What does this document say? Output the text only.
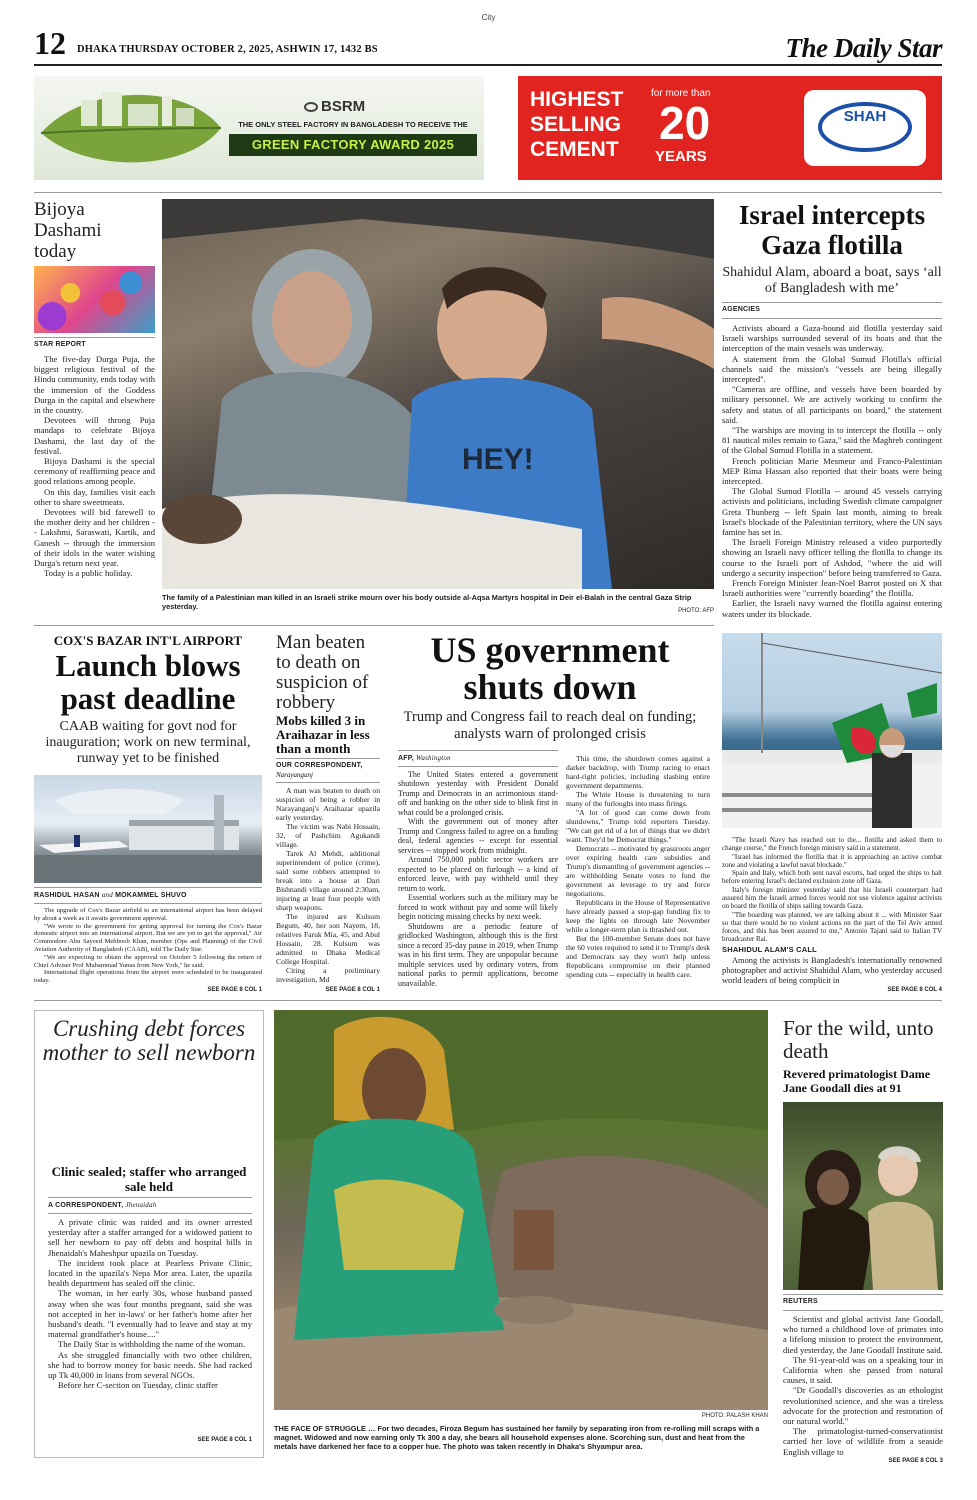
City
12 DHAKA THURSDAY OCTOBER 2, 2025, ASHWIN 17, 1432 BS	The Daily Star
BSRM
THE ONLY STEEL FACTORY IN BANGLADESH TO RECEIVE THE
GREEN FACTORY AWARD 2025
HIGHEST
SELLING
CEMENT
for more than
20
YEARS
SHAH
CEMENT
Bijoya Dashami today
STAR REPORT

The five-day Durga Puja, the biggest religious festival of the Hindu community, ends today with the immersion of the Goddess Durga in the capital and elsewhere in the country.

Devotees will throng Puja mandaps to celebrate Bijoya Dashami, the last day of the festival.

Bijoya Dashami is the special ceremony of reaffirming peace and good relations among people.

On this day, families visit each other to share sweetmeats.

Devotees will bid farewell to the mother deity and her children -- Lakshmi, Saraswati, Kartik, and Ganesh -- through the immersion of their idols in the water wishing Durga's return next year.

Today is a public holiday.

HEY!
The family of a Palestinian man killed in an Israeli strike mourn over his body outside al-Aqsa Martyrs hospital in Deir el-Balah in the central Gaza Strip yesterday.	PHOTO: AFP
Israel intercepts Gaza flotilla
Shahidul Alam, aboard a boat, says ‘all of Bangladesh with me’
AGENCIES

Activists aboard a Gaza-bound aid flotilla yesterday said Israeli warships surrounded several of its boats and that the interception of the main vessels was underway.

A statement from the Global Sumud Flotilla's official channels said the mission's "vessels are being illegally intercepted".

"Cameras are offline, and vessels have been boarded by military personnel. We are actively working to confirm the safety and status of all participants on board," the statement said.

"The warships are moving in to intercept the flotilla -- only 81 nautical miles remain to Gaza," said the Maghreb contingent of the Global Sumud Flotilla in a statement.

French politician Marie Mesmeur and Franco-Palestinian MEP Rima Hassan also reported that their boats were being intercepted.

The Global Sumud Flotilla -- around 45 vessels carrying activists and politicians, including Swedish climate campaigner Greta Thunberg -- left Spain last month, aiming to break Israel's blockade of the Palestinian territory, where the UN says famine has set in.

The Israeli Foreign Ministry released a video purportedly showing an Israeli navy officer telling the flotilla to change its course to the Israeli port of Ashdod, "where the aid will undergo a security inspection" before being transferred to Gaza.

French Foreign Minister Jean-Noel Barrot posted on X that Israeli authorities were "currently boarding" the flotilla.

Earlier, the Israeli navy warned the flotilla against entering waters under its blockade.

"The Israeli Navy has reached out to the... flotilla and asked them to change course," the French foreign ministry said in a statement.

"Israel has informed the flotilla that it is approaching an active combat zone and violating a lawful naval blockade."

Spain and Italy, which both sent naval escorts, had urged the ships to halt before entering Israel's declared exclusion zone off Gaza.

Italy's foreign minister yesterday said that his Israeli counterpart had assured him the Israeli armed forces would not use violence against activists on board the flotilla of ships sailing towards Gaza.

"The boarding was planned, we are talking about it ... with Minister Saar so that there would be no violent actions on the part of the Tel Aviv armed forces, and this has been assured to me," Antonio Tajani said to Italian TV broadcaster Rai.

SHAHIDUL ALAM'S CALL

Among the activists is Bangladesh's internationally renowned photographer and activist Shahidul Alam, who yesterday accused world leaders of being complicit in

SEE PAGE 8 COL 4
COX'S BAZAR INT'L AIRPORT
Launch blows past deadline
CAAB waiting for govt nod for inauguration; work on new terminal, runway yet to be finished
RASHIDUL HASAN and MOKAMMEL SHUVO

The upgrade of Cox's Bazar airfield to an international airport has been delayed by about a week as it awaits government approval.

"We wrote to the government for getting approval for turning the Cox's Bazar domestic airport into an international airport. But we are yet to get the approval," Air Commodore Abu Sayeed Mehboob Khan, member (Ops and Planning) of the Civil Aviation Authority of Bangladesh (CAAB), told The Daily Star.

"We are expecting to obtain the approval on October 5 following the return of Chief Adviser Prof Muhammad Yunus from New York," he said.

International flight operations from the airport were scheduled to be inaugurated today.

SEE PAGE 8 COL 1
Man beaten to death on suspicion of robbery
Mobs killed 3 in Araihazar in less than a month
OUR CORRESPONDENT,
Narayanganj

A man was beaten to death on suspicion of being a robber in Narayanganj's Araihazar upazila early yesterday.

The victim was Nabi Hossain, 32, of Pashchim Agukandi village.

Tarek Al Mehdi, additional superintendent of police (crime), said some robbers attempted to break into a house at Dari Bishnandi village around 2:30am, injuring at least four people with sharp weapons.

The injured are Kulsum Begum, 40, her son Nayem, 18, relatives Faruk Mia, 45, and Abul Hossain, 28. Kulsum was admitted to Dhaka Medical College Hospital.

Citing a preliminary investigation, Md

SEE PAGE 8 COL 1
US government shuts down
Trump and Congress fail to reach deal on funding; analysts warn of prolonged crisis
AFP, Washington

The United States entered a government shutdown yesterday with President Donald Trump and Democrats in an acrimonious stand-off and banking on the other side to blink first in what could be a prolonged crisis.

With the government out of money after Trump and Congress failed to agree on a funding deal, federal agencies -- except for essential services -- stopped work from midnight.

Around 750,000 public sector workers are expected to be placed on furlough -- a kind of enforced leave, with pay withheld until they return to work.

Essential workers such as the military may be forced to work without pay and some will likely begin noticing missing checks by next week.

Shutdowns are a periodic feature of gridlocked Washington, although this is the first since a record 35-day pause in 2019, when Trump was in his first term. They are unpopular because multiple services used by ordinary voters, from national parks to permit applications, become unavailable.

This time, the shutdown comes against a darker backdrop, with Trump racing to enact hard-right policies, including slashing entire government departments.

The White House is threatening to turn many of the furloughs into mass firings.

"A lot of good can come down from shutdowns," Trump told reporters Tuesday. "We can get rid of a lot of things that we didn't want. They'd be Democrat things."

Democrats -- motivated by grassroots anger over expiring health care subsidies and Trump's dismantling of government agencies -- are withholding Senate votes to fund the government as leverage to try and force negotiations.

Republicans in the House of Representative have already passed a stop-gap funding fix to keep the lights on through late November while a longer-term plan is thrashed out.

But the 100-member Senate does not have the 60 votes required to send it to Trump's desk and Democrats say they won't help unless Republicans compromise on their planned spending cuts -- especially in health care.

Crushing debt forces mother to sell newborn
Clinic sealed; staffer who arranged sale held
A CORRESPONDENT, Jhenaidah

A private clinic was raided and its owner arrested yesterday after a staffer arranged for a widowed patient to sell her newborn to pay off debts and hospital bills in Jhenaidah's Maheshpur upazila on Tuesday.

The incident took place at Pearless Private Clinic, located in the upazila's Nepa Mor area. Later, the upazila health department has sealed off the clinic.

The woman, in her early 30s, whose husband passed away when she was four months pregnant, said she was not accepted in her in-laws' or her father's home after her husband's death. "I eventually had to leave and stay at my maternal grandfather's house...."

The Daily Star is withholding the name of the woman.

As she struggled financially with two other children, she had to borrow money for basic needs. She had racked up Tk 40,000 in loans from several NGOs.

Before her C-section on Tuesday, clinic staffer

SEE PAGE 8 COL 1
PHOTO: PALASH KHAN
THE FACE OF STRUGGLE … For two decades, Firoza Begum has sustained her family by separating iron from re-rolling mill scraps with a magnet. Widowed and now earning only Tk 300 a day, she bears all household expenses alone. Scorching sun, dust and heat from the metals have darkened her face to a copper hue. The photo was taken recently in Dhaka's Shyampur area.
For the wild, unto death
Revered primatologist Dame Jane Goodall dies at 91
REUTERS

Scientist and global activist Jane Goodall, who turned a childhood love of primates into a lifelong mission to protect the environment, died yesterday, the Jane Goodall Institute said.

The 91-year-old was on a speaking tour in California when she passed from natural causes, it said.

"Dr Goodall's discoveries as an ethologist revolutionised science, and she was a tireless advocate for the protection and restoration of our natural world."

The primatologist-turned-conservationist carried her love of wildlife from a seaside English village to

SEE PAGE 8 COL 3
